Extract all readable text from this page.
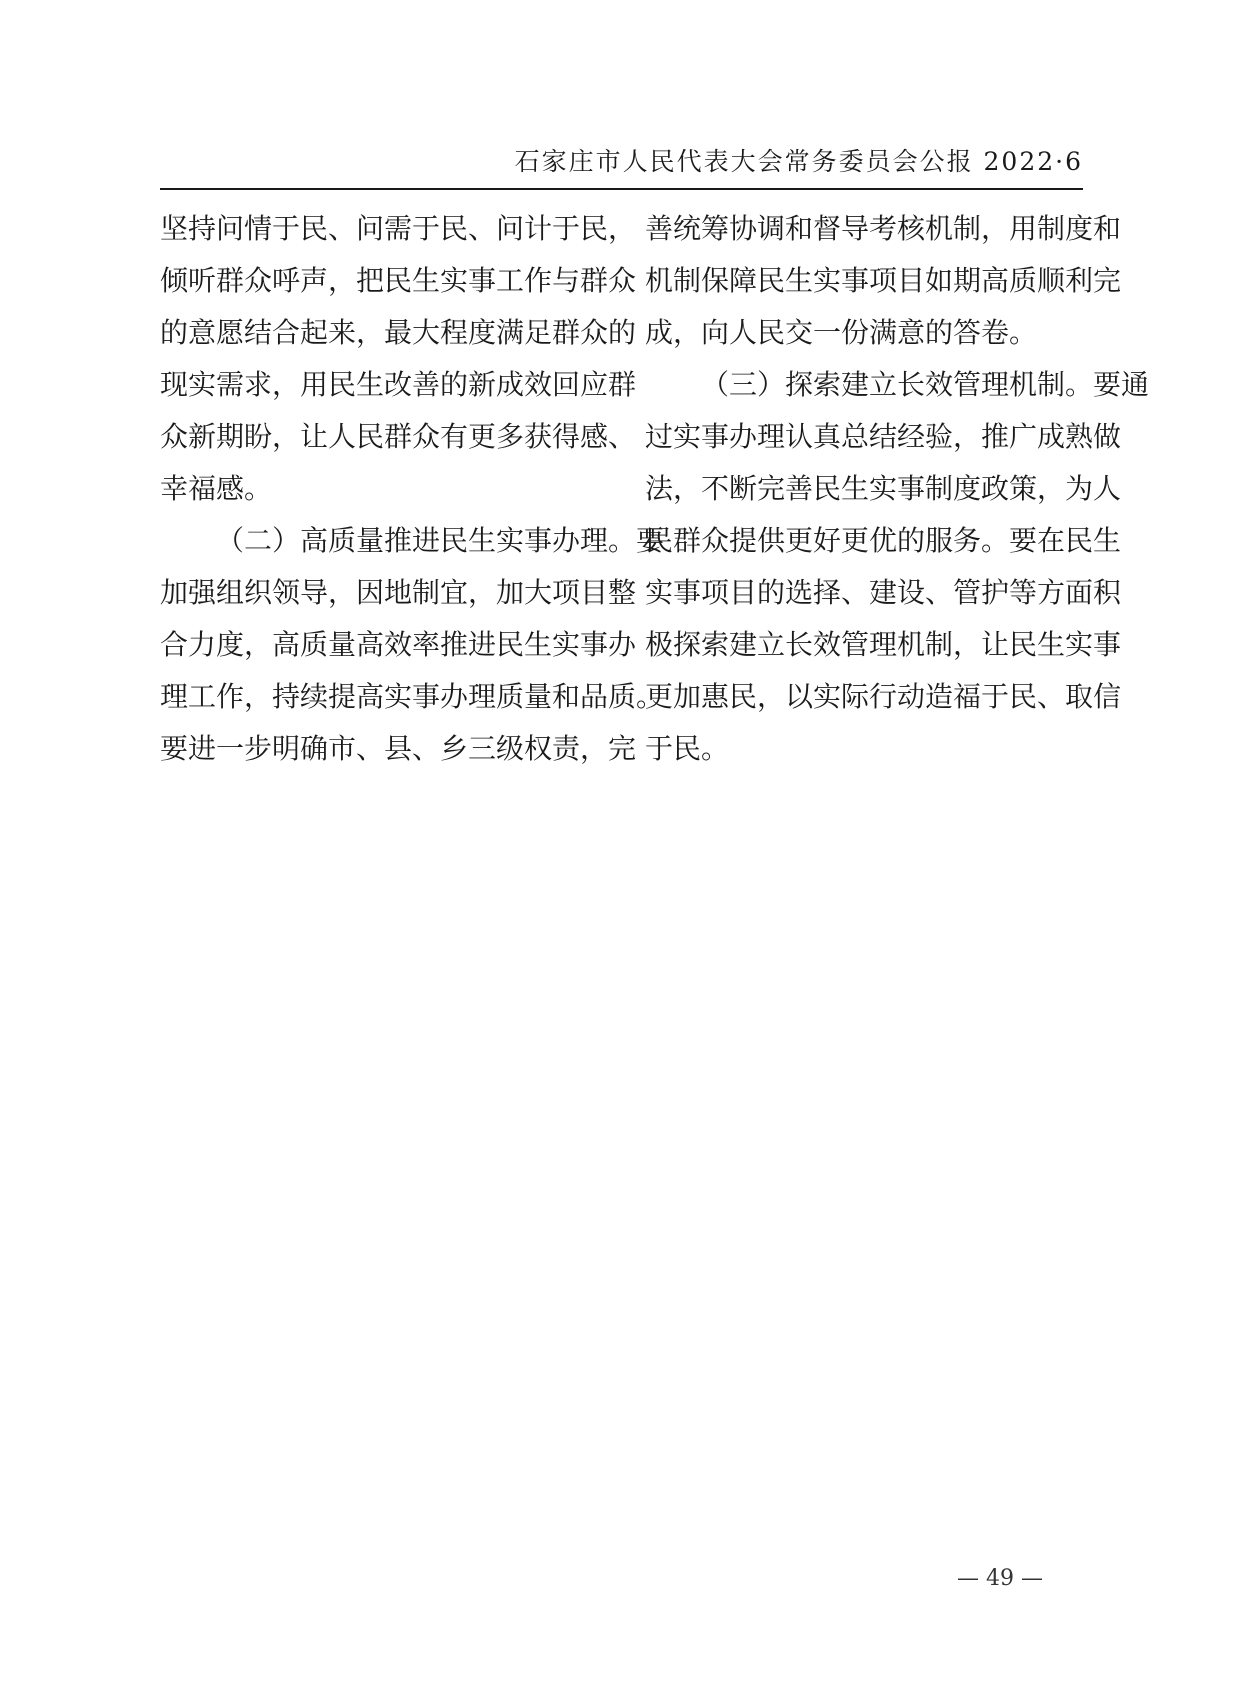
石家庄市人民代表大会常务委员会公报 2022·6
坚持问情于民、问需于民、问计于民，
倾听群众呼声，把民生实事工作与群众
的意愿结合起来，最大程度满足群众的
现实需求，用民生改善的新成效回应群
众新期盼，让人民群众有更多获得感、
幸福感。
（二）高质量推进民生实事办理。要
加强组织领导，因地制宜，加大项目整
合力度，高质量高效率推进民生实事办
理工作，持续提高实事办理质量和品质。
要进一步明确市、县、乡三级权责，完
善统筹协调和督导考核机制，用制度和
机制保障民生实事项目如期高质顺利完
成，向人民交一份满意的答卷。
（三）探索建立长效管理机制。要通
过实事办理认真总结经验，推广成熟做
法，不断完善民生实事制度政策，为人
民群众提供更好更优的服务。要在民生
实事项目的选择、建设、管护等方面积
极探索建立长效管理机制，让民生实事
更加惠民，以实际行动造福于民、取信
于民。
— 49 —
